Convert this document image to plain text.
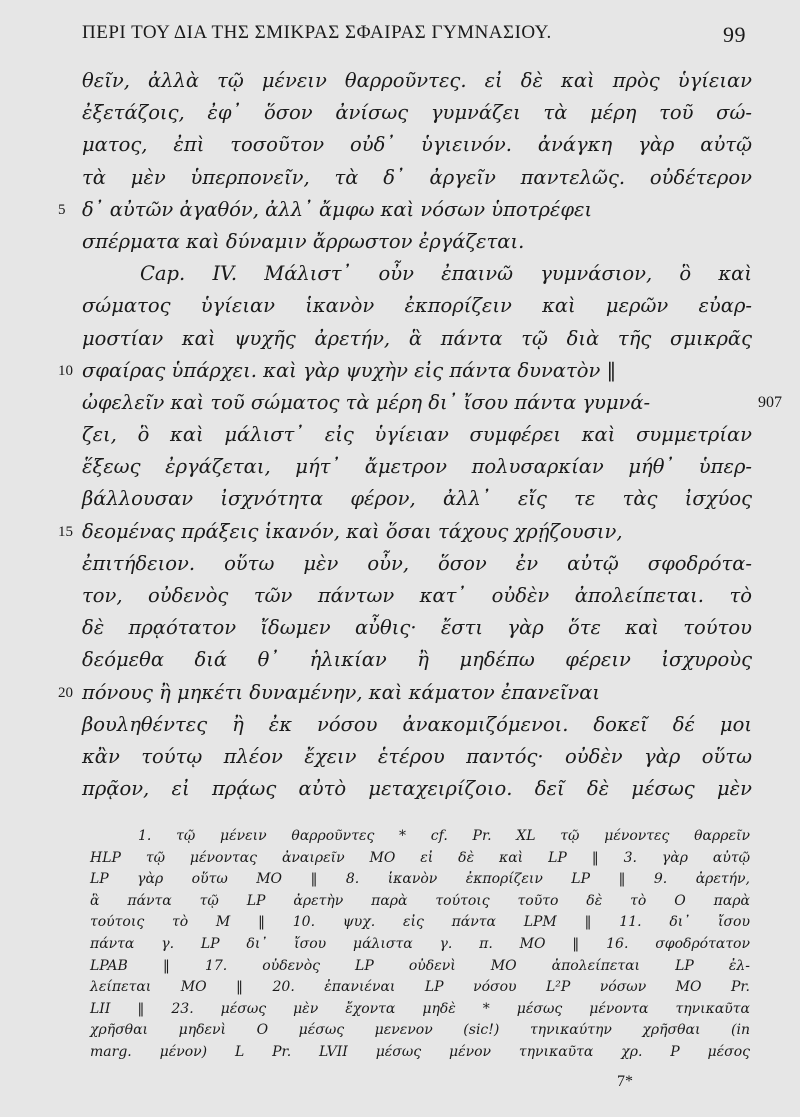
ΠΕΡΙ ΤΟΥ ΔΙΑ ΤΗΣ ΣΜΙΚΡΑΣ ΣΦΑΙΡΑΣ ΓΥΜΝΑΣΙΟΥ.	99
θεῖν, ἀλλὰ τῷ μένειν θαρροῦντες. εἰ δὲ καὶ πρὸς ὑγίειαν
ἐξετάζοις, ἐφ᾽ ὅσον ἀνίσως γυμνάζει τὰ μέρη τοῦ σώ-
ματος, ἐπὶ τοσοῦτον οὐδ᾽ ὑγιεινόν. ἀνάγκη γὰρ αὐτῷ
τὰ μὲν ὑπερπονεῖν, τὰ δ᾽ ἀργεῖν παντελῶς. οὐδέτερον
5 δ᾽ αὐτῶν ἀγαθόν, ἀλλ᾽ ἄμφω καὶ νόσων ὑποτρέφει
σπέρματα καὶ δύναμιν ἄρρωστον ἐργάζεται.
Cap. IV. Μάλιστ᾽ οὖν ἐπαινῶ γυμνάσιον, ὃ καὶ
σώματος ὑγίειαν ἱκανὸν ἐκπορίζειν καὶ μερῶν εὐαρ-
μοστίαν καὶ ψυχῆς ἀρετήν, ἃ πάντα τῷ διὰ τῆς σμικρᾶς
10 σφαίρας ὑπάρχει. καὶ γὰρ ψυχὴν εἰς πάντα δυνατὸν ‖
ὠφελεῖν καὶ τοῦ σώματος τὰ μέρη δι᾽ ἴσου πάντα γυμνά-	907
ζει, ὃ καὶ μάλιστ᾽ εἰς ὑγίειαν συμφέρει καὶ συμμετρίαν
ἕξεως ἐργάζεται, μήτ᾽ ἄμετρον πολυσαρκίαν μήθ᾽ ὑπερ-
βάλλουσαν ἰσχνότητα φέρον, ἀλλ᾽ εἴς τε τὰς ἰσχύος
15 δεομένας πράξεις ἱκανόν, καὶ ὅσαι τάχους χρῄζουσιν,
ἐπιτήδειον. οὕτω μὲν οὖν, ὅσον ἐν αὐτῷ σφοδρότα-
τον, οὐδενὸς τῶν πάντων κατ᾽ οὐδὲν ἀπολείπεται. τὸ
δὲ πρᾳότατον ἴδωμεν αὖθις· ἔστι γὰρ ὅτε καὶ τούτου
δεόμεθα διά θ᾽ ἡλικίαν ἢ μηδέπω φέρειν ἰσχυροὺς
20 πόνους ἢ μηκέτι δυναμένην, καὶ κάματον ἐπανεῖναι
βουληθέντες ἢ ἐκ νόσου ἀνακομιζόμενοι. δοκεῖ δέ μοι
κἂν τούτῳ πλέον ἔχειν ἑτέρου παντός· οὐδὲν γὰρ οὕτω
πρᾷον, εἰ πρᾴως αὐτὸ μεταχειρίζοιο. δεῖ δὲ μέσως μὲν
1. τῷ μένειν θαρροῦντες * cf. Pr. XL τῷ μένοντες θαρρεῖν
HLP τῷ μένοντας ἀναιρεῖν MO εἰ δὲ καὶ LP ‖ 3. γὰρ αὐτῷ
LP γὰρ οὕτω MO ‖ 8. ἱκανὸν ἐκπορίζειν LP ‖ 9. ἀρετήν,
ἃ πάντα τῷ LP ἀρετὴν παρὰ τούτοις τοῦτο δὲ τὸ O παρὰ
τούτοις τὸ M ‖ 10. ψυχ. εἰς πάντα LPM ‖ 11. δι᾽ ἴσου
πάντα γ. LP δι᾽ ἴσου μάλιστα γ. π. MO ‖ 16. σφοδρότατον
LPAB ‖ 17. οὐδενὸς LP οὐδενὶ MO ἀπολείπεται LP ἐλ-
λείπεται MO ‖ 20. ἐπανιέναι LP νόσου L²P νόσων MO Pr.
LII ‖ 23. μέσως μὲν ἔχοντα μηδὲ * μέσως μένοντα τηνικαῦτα
χρῆσθαι μηδενὶ O μέσως μενενον (sic!) τηνικαύτην χρῆσθαι (in
marg. μένον) L Pr. LVII μέσως μένον τηνικαῦτα χρ. P μέσος
7*
